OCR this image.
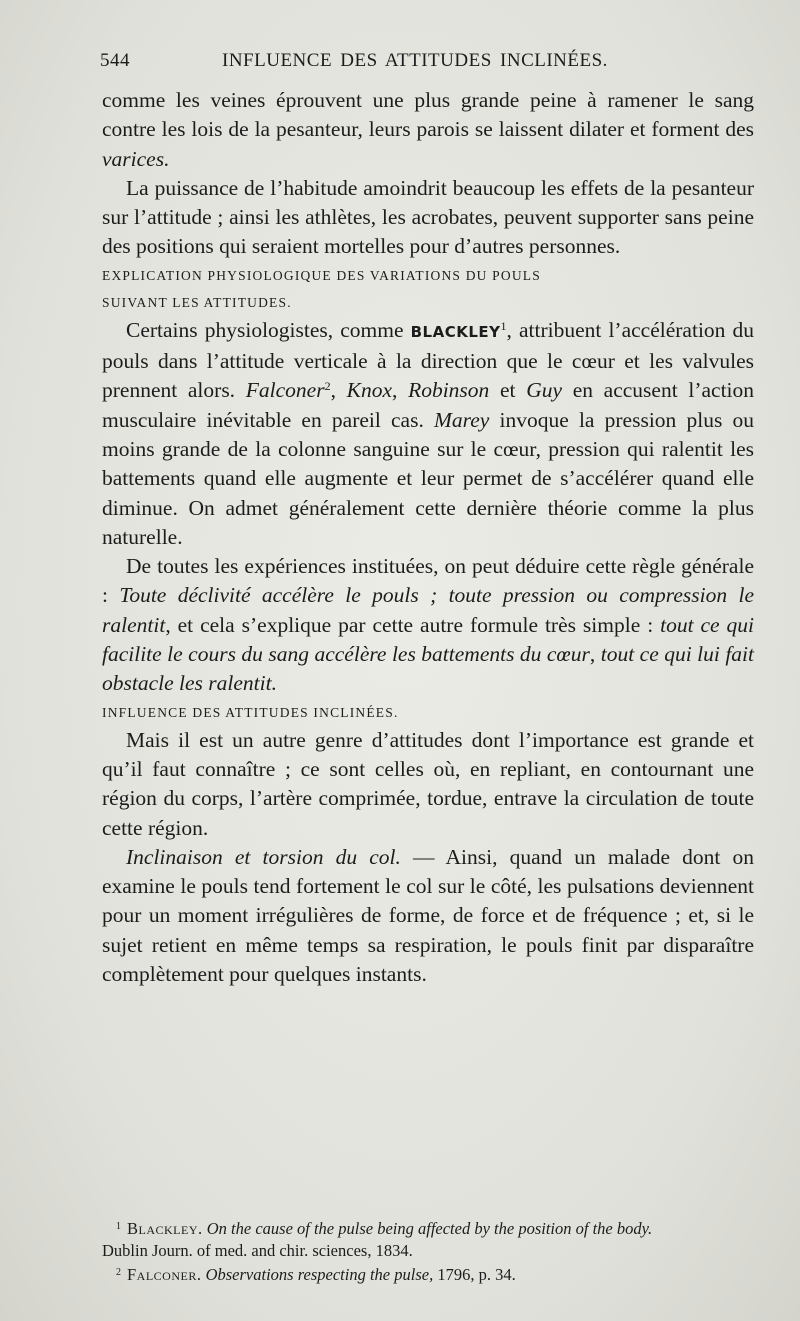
544	INFLUENCE DES ATTITUDES INCLINÉES.

comme les veines éprouvent une plus grande peine à ramener le sang contre les lois de la pesanteur, leurs parois se laissent dilater et forment des varices.

La puissance de l’habitude amoindrit beaucoup les effets de la pesanteur sur l’attitude ; ainsi les athlètes, les acrobates, peuvent supporter sans peine des positions qui seraient mortelles pour d’autres personnes.

EXPLICATION PHYSIOLOGIQUE DES VARIATIONS DU POULS
SUIVANT LES ATTITUDES.

Certains physiologistes, comme BLACKLEY$^1$, attribuent l’accélération du pouls dans l’attitude verticale à la direction que le cœur et les valvules prennent alors. Falconer$^2$, Knox, Robinson et Guy en accusent l’action musculaire inévitable en pareil cas. Marey invoque la pression plus ou moins grande de la colonne sanguine sur le cœur, pression qui ralentit les battements quand elle augmente et leur permet de s’accélérer quand elle diminue. On admet généralement cette dernière théorie comme la plus naturelle.

De toutes les expériences instituées, on peut déduire cette règle générale : Toute déclivité accélère le pouls ; toute pression ou compression le ralentit, et cela s’explique par cette autre formule très simple : tout ce qui facilite le cours du sang accélère les battements du cœur, tout ce qui lui fait obstacle les ralentit.

INFLUENCE DES ATTITUDES INCLINÉES.

Mais il est un autre genre d’attitudes dont l’importance est grande et qu’il faut connaître ; ce sont celles où, en repliant, en contournant une région du corps, l’artère comprimée, tordue, entrave la circulation de toute cette région.

Inclinaison et torsion du col. — Ainsi, quand un malade dont on examine le pouls tend fortement le col sur le côté, les pulsations deviennent pour un moment irrégulières de forme, de force et de fréquence ; et, si le sujet retient en même temps sa respiration, le pouls finit par disparaître complètement pour quelques instants.

$^1$ Blackley. On the cause of the pulse being affected by the position of the body.

Dublin Journ. of med. and chir. sciences, 1834.

$^2$ Falconer. Observations respecting the pulse, 1796, p. 34.
